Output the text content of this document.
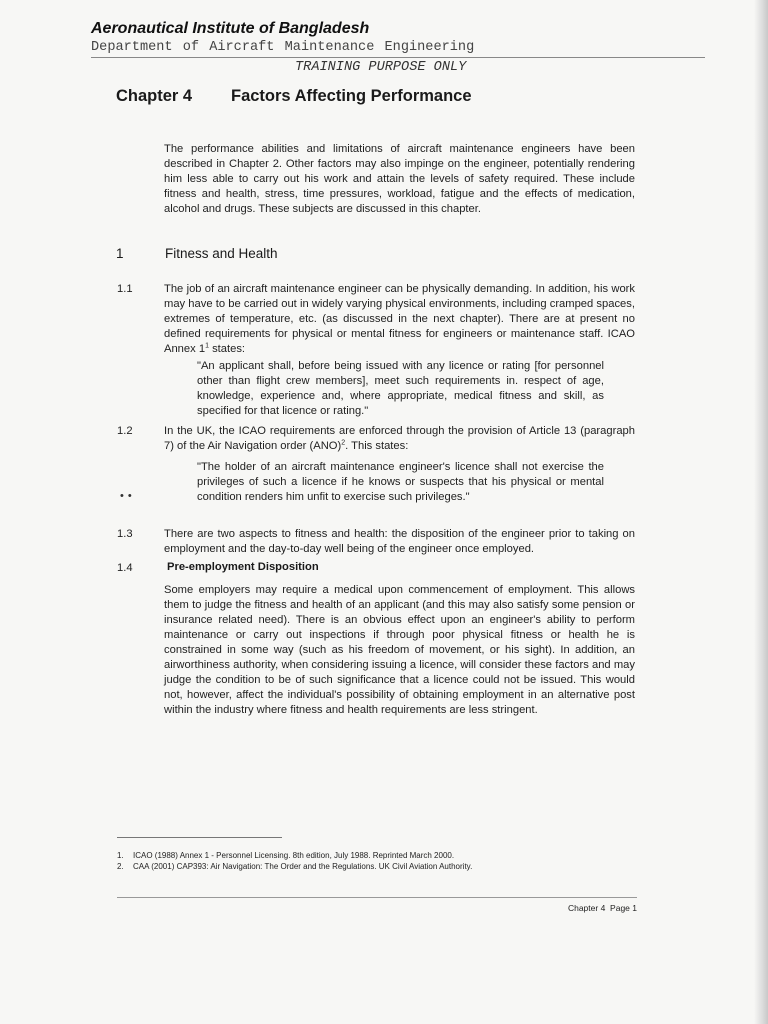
Aeronautical Institute of Bangladesh
Department of Aircraft Maintenance Engineering
TRAINING PURPOSE ONLY
Chapter 4 Factors Affecting Performance

The performance abilities and limitations of aircraft maintenance engineers have been described in Chapter 2. Other factors may also impinge on the engineer, potentially rendering him less able to carry out his work and attain the levels of safety required. These include fitness and health, stress, time pressures, workload, fatigue and the effects of medication, alcohol and drugs. These subjects are discussed in this chapter.

1	Fitness and Health
1.1	The job of an aircraft maintenance engineer can be physically demanding. In addition, his work may have to be carried out in widely varying physical environments, including cramped spaces, extremes of temperature, etc. (as discussed in the next chapter). There are at present no defined requirements for physical or mental fitness for engineers or maintenance staff. ICAO Annex $1^1$ states:

"An applicant shall, before being issued with any licence or rating [for personnel other than flight crew members], meet such requirements in. respect of age, knowledge, experience and, where appropriate, medical fitness and skill, as specified for that licence or rating."

1.2	In the UK, the ICAO requirements are enforced through the provision of Article 13 (paragraph 7) of the Air Navigation order (ANO)$^2$. This states:

"The holder of an aircraft maintenance engineer's licence shall not exercise the privileges of such a licence if he knows or suspects that his physical or mental condition renders him unfit to exercise such privileges."

••
1.3	There are two aspects to fitness and health: the disposition of the engineer prior to taking on employment and the day-to-day well being of the engineer once employed.

1.4	Pre-employment Disposition

Some employers may require a medical upon commencement of employment. This allows them to judge the fitness and health of an applicant (and this may also satisfy some pension or insurance related need). There is an obvious effect upon an engineer's ability to perform maintenance or carry out inspections if through poor physical fitness or health he is constrained in some way (such as his freedom of movement, or his sight). In addition, an airworthiness authority, when considering issuing a licence, will consider these factors and may judge the condition to be of such significance that a licence could not be issued. This would not, however, affect the individual's possibility of obtaining employment in an alternative post within the industry where fitness and health requirements are less stringent.

1. ICAO (1988) Annex 1 - Personnel Licensing. 8th edition, July 1988. Reprinted March 2000.
2. CAA (2001) CAP393: Air Navigation: The Order and the Regulations. UK Civil Aviation Authority.
Chapter 4 Page 1
